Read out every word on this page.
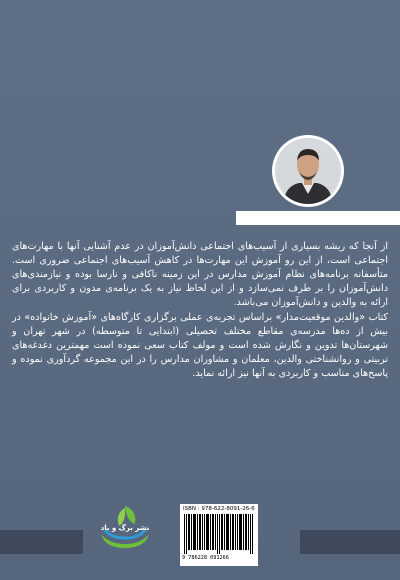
از آنجا که ریشه بسیاری از آسیب‌های اجتماعی دانش‌آموزان در عدم آشنایی آنها با مهارت‌های اجتماعی است، از این رو آموزش این مهارت‌ها در کاهش آسیب‌های اجتماعی ضروری است. متأسفانه برنامه‌های نظام آموزش مدارس در این زمینه ناکافی و نارسا بوده و نیازمندی‌های دانش‌آموزان را بر طرف نمی‌سازد و از این لحاظ نیاز به یک برنامه‌ی مدون و کاربردی برای ارائه به والدین و دانش‌آموزان می‌باشد.

کتاب «والدین موقعیت‌مدار» براساس تجربه‌ی عملی برگزاری کارگاه‌های «آموزش خانواده» در بیش از ده‌ها مدرسه‌ی مقاطع مختلف تحصیلی (ابتدایی تا متوسطه) در شهر تهران و شهرستان‌ها تدوین و نگارش شده است و مولف کتاب سعی نموده است مهمترین دغدغه‌های تربیتی و روانشناختی والدین، معلمان و مشاوران مدارس را در این مجموعه گردآوری نموده و پاسخ‌های مناسب و کاربردی به آنها نیز ارائه نماید.

نشر برگ و باد
ISBN : 978-622-8091-26-6
9 786228 091266
